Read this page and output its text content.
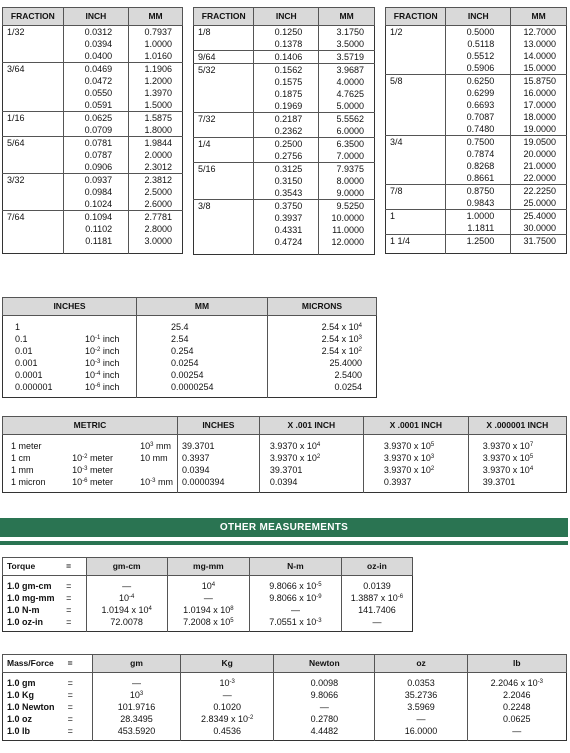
FRACTION	INCH	MM
1/32	0.0312	0.7937
	0.0394	1.0000
	0.0400	1.0160
3/64	0.0469	1.1906
	0.0472	1.2000
	0.0550	1.3970
	0.0591	1.5000
1/16	0.0625	1.5875
	0.0709	1.8000
5/64	0.0781	1.9844
	0.0787	2.0000
	0.0906	2.3012
3/32	0.0937	2.3812
	0.0984	2.5000
	0.1024	2.6000
7/64	0.1094	2.7781
	0.1102	2.8000
	0.1181	3.0000

FRACTION	INCH	MM
1/8	0.1250	3.1750
	0.1378	3.5000
9/64	0.1406	3.5719
5/32	0.1562	3.9687
	0.1575	4.0000
	0.1875	4.7625
	0.1969	5.0000
7/32	0.2187	5.5562
	0.2362	6.0000
1/4	0.2500	6.3500
	0.2756	7.0000
5/16	0.3125	7.9375
	0.3150	8.0000
	0.3543	9.0000
3/8	0.3750	9.5250
	0.3937	10.0000
	0.4331	11.0000
	0.4724	12.0000

FRACTION	INCH	MM
1/2	0.5000	12.7000
	0.5118	13.0000
	0.5512	14.0000
	0.5906	15.0000
5/8	0.6250	15.8750
	0.6299	16.0000
	0.6693	17.0000
	0.7087	18.0000
	0.7480	19.0000
3/4	0.7500	19.0500
	0.7874	20.0000
	0.8268	21.0000
	0.8661	22.0000
7/8	0.8750	22.2250
	0.9843	25.0000
1	1.0000	25.4000
	1.1811	30.0000
1 1/4	1.2500	31.7500

INCHES		MM	MICRONS

1		25.4	2.54 x $10^4$
0.1	$10^{-1}$ inch	2.54	2.54 x $10^3$
0.01	$10^{-2}$ inch	0.254	2.54 x $10^2$
0.001	$10^{-3}$ inch	0.0254	25.4000
0.0001	$10^{-4}$ inch	0.00254	2.5400
0.000001	$10^{-6}$ inch	0.0000254	0.0254

METRIC			INCHES	X .001 INCH	X .0001 INCH	X .000001 INCH

1 meter		$10^3$ mm	39.3701	3.9370 x $10^4$	3.9370 x $10^5$	3.9370 x $10^7$
1 cm	$10^{-2}$ meter	10 mm	0.3937	3.9370 x $10^2$	3.9370 x $10^3$	3.9370 x $10^5$
1 mm	$10^{-3}$ meter		0.0394	39.3701	3.9370 x $10^2$	3.9370 x $10^4$
1 micron	$10^{-6}$ meter	$10^{-3}$ mm	0.0000394	0.0394	0.3937	39.3701

OTHER MEASUREMENTS
Torque	=	gm-cm	mg-mm	N-m	oz-in

1.0 gm-cm	=	—	$10^4$	9.8066 x $10^{-5}$	0.0139
1.0 mg-mm	=	$10^{-4}$	—	9.8066 x $10^{-9}$	1.3887 x $10^{-6}$
1.0 N-m	=	1.0194 x $10^4$	1.0194 x $10^8$	—	141.7406
1.0 oz-in	=	72.0078	7.2008 x $10^5$	7.0551 x $10^{-3}$	—

Mass/Force	=	gm	Kg	Newton	oz	lb

1.0 gm	=	—	$10^{-3}$	0.0098	0.0353	2.2046 x $10^{-3}$
1.0 Kg	=	$10^3$	—	9.8066	35.2736	2.2046
1.0 Newton	=	101.9716	0.1020	—	3.5969	0.2248
1.0 oz	=	28.3495	2.8349 x $10^{-2}$	0.2780	—	0.0625
1.0 lb	=	453.5920	0.4536	4.4482	16.0000	—
